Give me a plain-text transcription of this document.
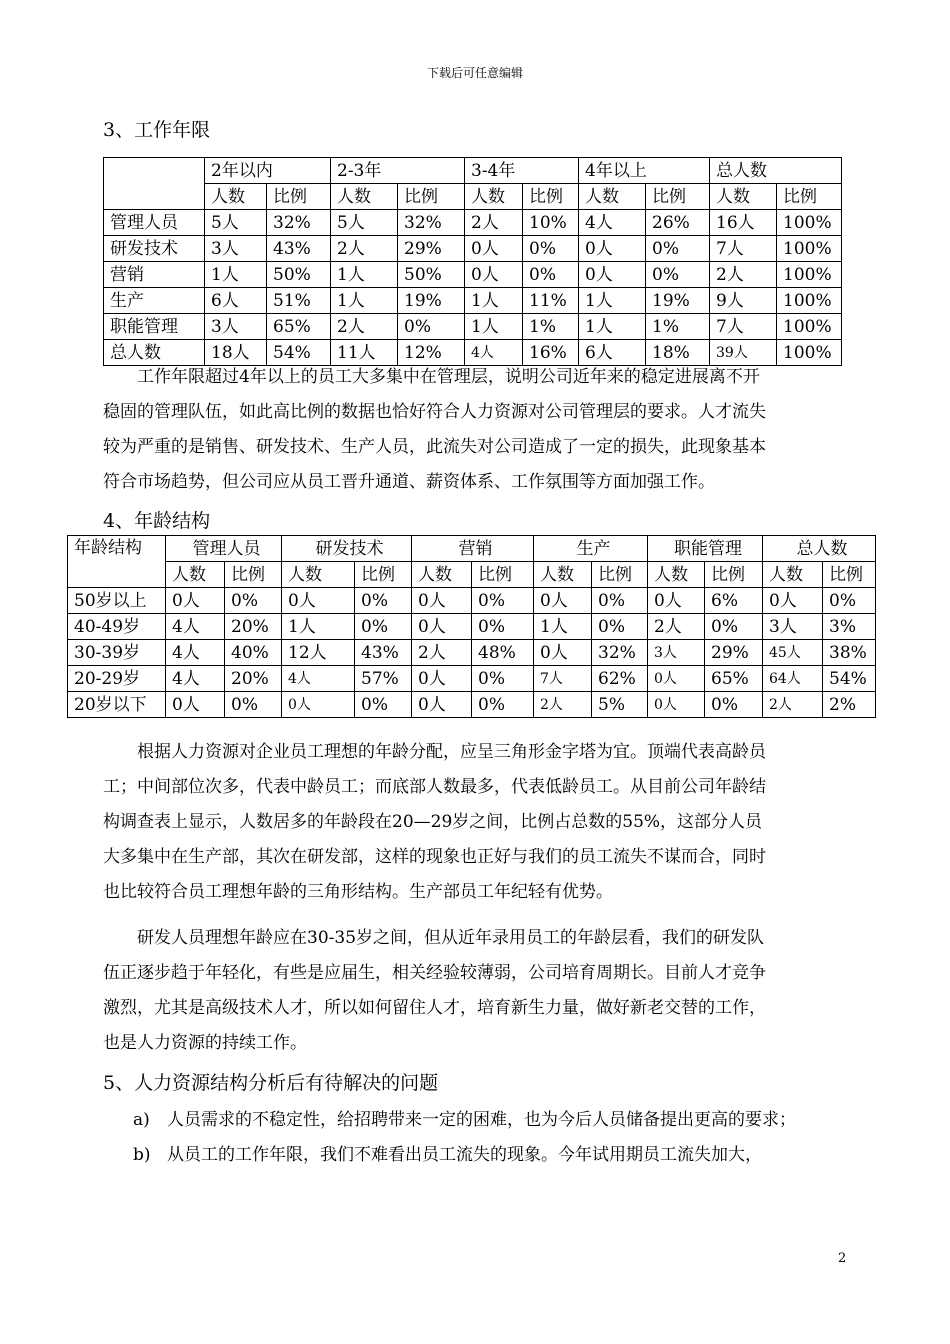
下载后可任意编辑
3、工作年限
	2年以内		2-3年		3-4年		4年以上		总人数	
	人数	比例	人数	比例	人数	比例	人数	比例	人数	比例
管理人员	5人	32%	5人	32%	2人	10%	4人	26%	16人	100%
研发技术	3人	43%	2人	29%	0人	0%	0人	0%	7人	100%
营销	1人	50%	1人	50%	0人	0%	0人	0%	2人	100%
生产	6人	51%	1人	19%	1人	11%	1人	19%	9人	100%
职能管理	3人	65%	2人	0%	1人	1%	1人	1%	7人	100%
总人数	18人	54%	11人	12%	4人	16%	6人	18%	39人	100%
工作年限超过4年以上的员工大多集中在管理层，说明公司近年来的稳定进展离不开
稳固的管理队伍，如此高比例的数据也恰好符合人力资源对公司管理层的要求。人才流失
较为严重的是销售、研发技术、生产人员，此流失对公司造成了一定的损失，此现象基本
符合市场趋势，但公司应从员工晋升通道、薪资体系、工作氛围等方面加强工作。
4、年龄结构
年龄结构	管理人员		研发技术		营销		生产		职能管理		总人数	
	人数	比例	人数	比例	人数	比例	人数	比例	人数	比例	人数	比例
50岁以上	0人	0%	0人	0%	0人	0%	0人	0%	0人	6%	0人	0%
40-49岁	4人	20%	1人	0%	0人	0%	1人	0%	2人	0%	3人	3%
30-39岁	4人	40%	12人	43%	2人	48%	0人	32%	3人	29%	45人	38%
20-29岁	4人	20%	4人	57%	0人	0%	7人	62%	0人	65%	64人	54%
20岁以下	0人	0%	0人	0%	0人	0%	2人	5%	0人	0%	2人	2%
根据人力资源对企业员工理想的年龄分配，应呈三角形金字塔为宜。顶端代表高龄员
工；中间部位次多，代表中龄员工；而底部人数最多，代表低龄员工。从目前公司年龄结
构调查表上显示，人数居多的年龄段在20—29岁之间，比例占总数的55%，这部分人员
大多集中在生产部，其次在研发部，这样的现象也正好与我们的员工流失不谋而合，同时
也比较符合员工理想年龄的三角形结构。生产部员工年纪轻有优势。
研发人员理想年龄应在30-35岁之间，但从近年录用员工的年龄层看，我们的研发队
伍正逐步趋于年轻化，有些是应届生，相关经验较薄弱，公司培育周期长。目前人才竞争
激烈，尤其是高级技术人才，所以如何留住人才，培育新生力量，做好新老交替的工作，
也是人力资源的持续工作。
5、人力资源结构分析后有待解决的问题
a) 人员需求的不稳定性，给招聘带来一定的困难，也为今后人员储备提出更高的要求；
b) 从员工的工作年限，我们不难看出员工流失的现象。今年试用期员工流失加大，
2
